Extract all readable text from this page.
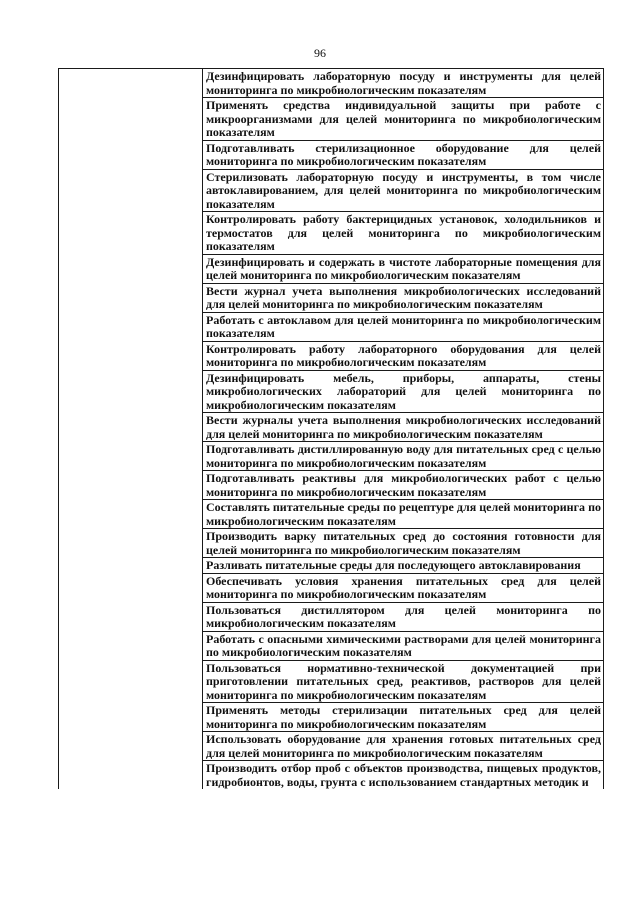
96

Дезинфицировать лабораторную посуду и инструменты для целей мониторинга по микробиологическим показателям

Применять средства индивидуальной защиты при работе с микроорганизмами для целей мониторинга по микробиологическим показателям

Подготавливать стерилизационное оборудование для целей мониторинга по микробиологическим показателям

Стерилизовать лабораторную посуду и инструменты, в том числе автоклавированием, для целей мониторинга по микробиологическим показателям

Контролировать работу бактерицидных установок, холодильников и термостатов для целей мониторинга по микробиологическим показателям

Дезинфицировать и содержать в чистоте лабораторные помещения для целей мониторинга по микробиологическим показателям

Вести журнал учета выполнения микробиологических исследований для целей мониторинга по микробиологическим показателям

Работать с автоклавом для целей мониторинга по микробиологическим показателям

Контролировать работу лабораторного оборудования для целей мониторинга по микробиологическим показателям

Дезинфицировать мебель, приборы, аппараты, стены микробиологических лабораторий для целей мониторинга по микробиологическим показателям

Вести журналы учета выполнения микробиологических исследований для целей мониторинга по микробиологическим показателям

Подготавливать дистиллированную воду для питательных сред с целью мониторинга по микробиологическим показателям

Подготавливать реактивы для микробиологических работ с целью мониторинга по микробиологическим показателям

Составлять питательные среды по рецептуре для целей мониторинга по микробиологическим показателям

Производить варку питательных сред до состояния готовности для целей мониторинга по микробиологическим показателям

Разливать питательные среды для последующего автоклавирования

Обеспечивать условия хранения питательных сред для целей мониторинга по микробиологическим показателям

Пользоваться дистиллятором для целей мониторинга по микробиологическим показателям

Работать с опасными химическими растворами для целей мониторинга по микробиологическим показателям

Пользоваться нормативно-технической документацией при приготовлении питательных сред, реактивов, растворов для целей мониторинга по микробиологическим показателям

Применять методы стерилизации питательных сред для целей мониторинга по микробиологическим показателям

Использовать оборудование для хранения готовых питательных сред для целей мониторинга по микробиологическим показателям

Производить отбор проб с объектов производства, пищевых продуктов, гидробионтов, воды, грунта с использованием стандартных методик и
